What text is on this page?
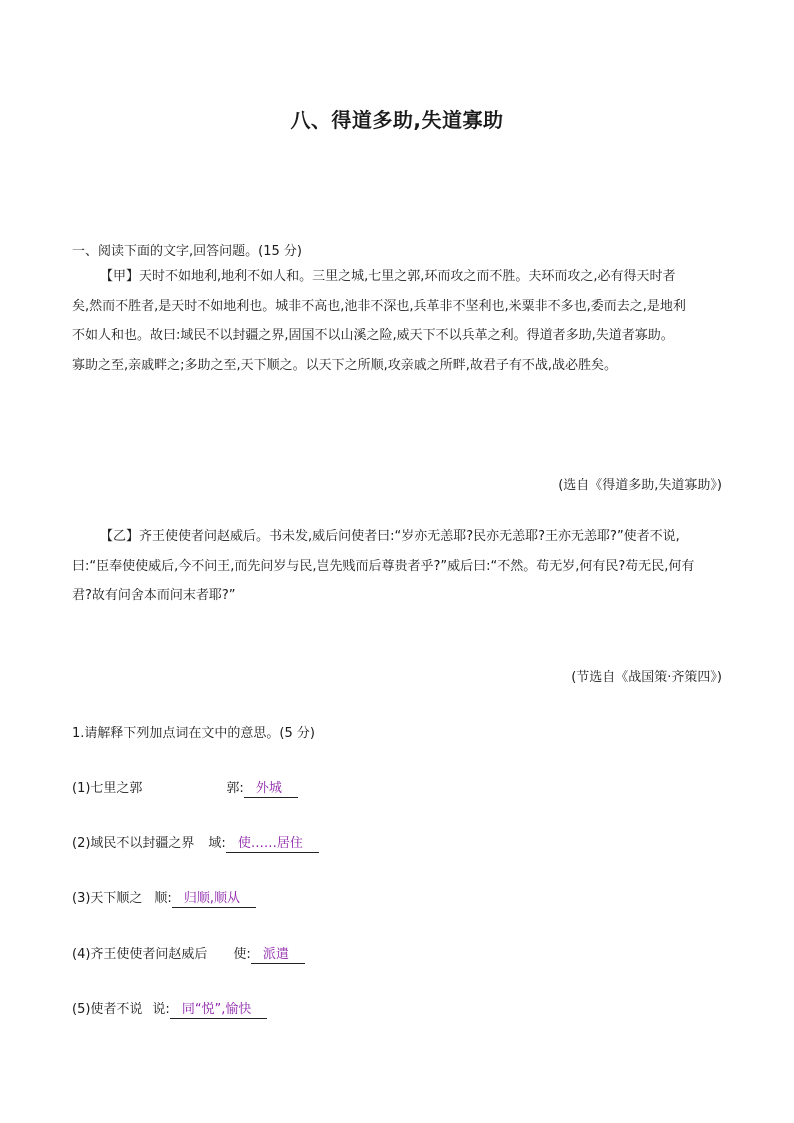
八、得道多助,失道寡助
一、阅读下面的文字,回答问题。(15 分)
【甲】天时不如地利,地利不如人和。三里之城,七里之郭,环而攻之而不胜。夫环而攻之,必有得天时者
矣,然而不胜者,是天时不如地利也。城非不高也,池非不深也,兵革非不坚利也,米粟非不多也,委而去之,是地利
不如人和也。故曰:域民不以封疆之界,固国不以山溪之险,威天下不以兵革之利。得道者多助,失道者寡助。
寡助之至,亲戚畔之;多助之至,天下顺之。以天下之所顺,攻亲戚之所畔,故君子有不战,战必胜矣。
(选自《得道多助,失道寡助》)
【乙】齐王使使者问赵威后。书未发,威后问使者曰:“岁亦无恙耶?民亦无恙耶?王亦无恙耶?”使者不说,
曰:“臣奉使使威后,今不问王,而先问岁与民,岂先贱而后尊贵者乎?”威后曰:“不然。苟无岁,何有民?苟无民,何有
君?故有问舍本而问末者耶?”
(节选自《战国策·齐策四》)
1.请解释下列加点词在文中的意思。(5 分)
(1)七里之郭	郭: 外城
(2)域民不以封疆之界 域: 使……居住
(3)天下顺之 顺: 归顺,顺从
(4)齐王使使者问赵威后 使: 派遣
(5)使者不说 说: 同“悦”,愉快
